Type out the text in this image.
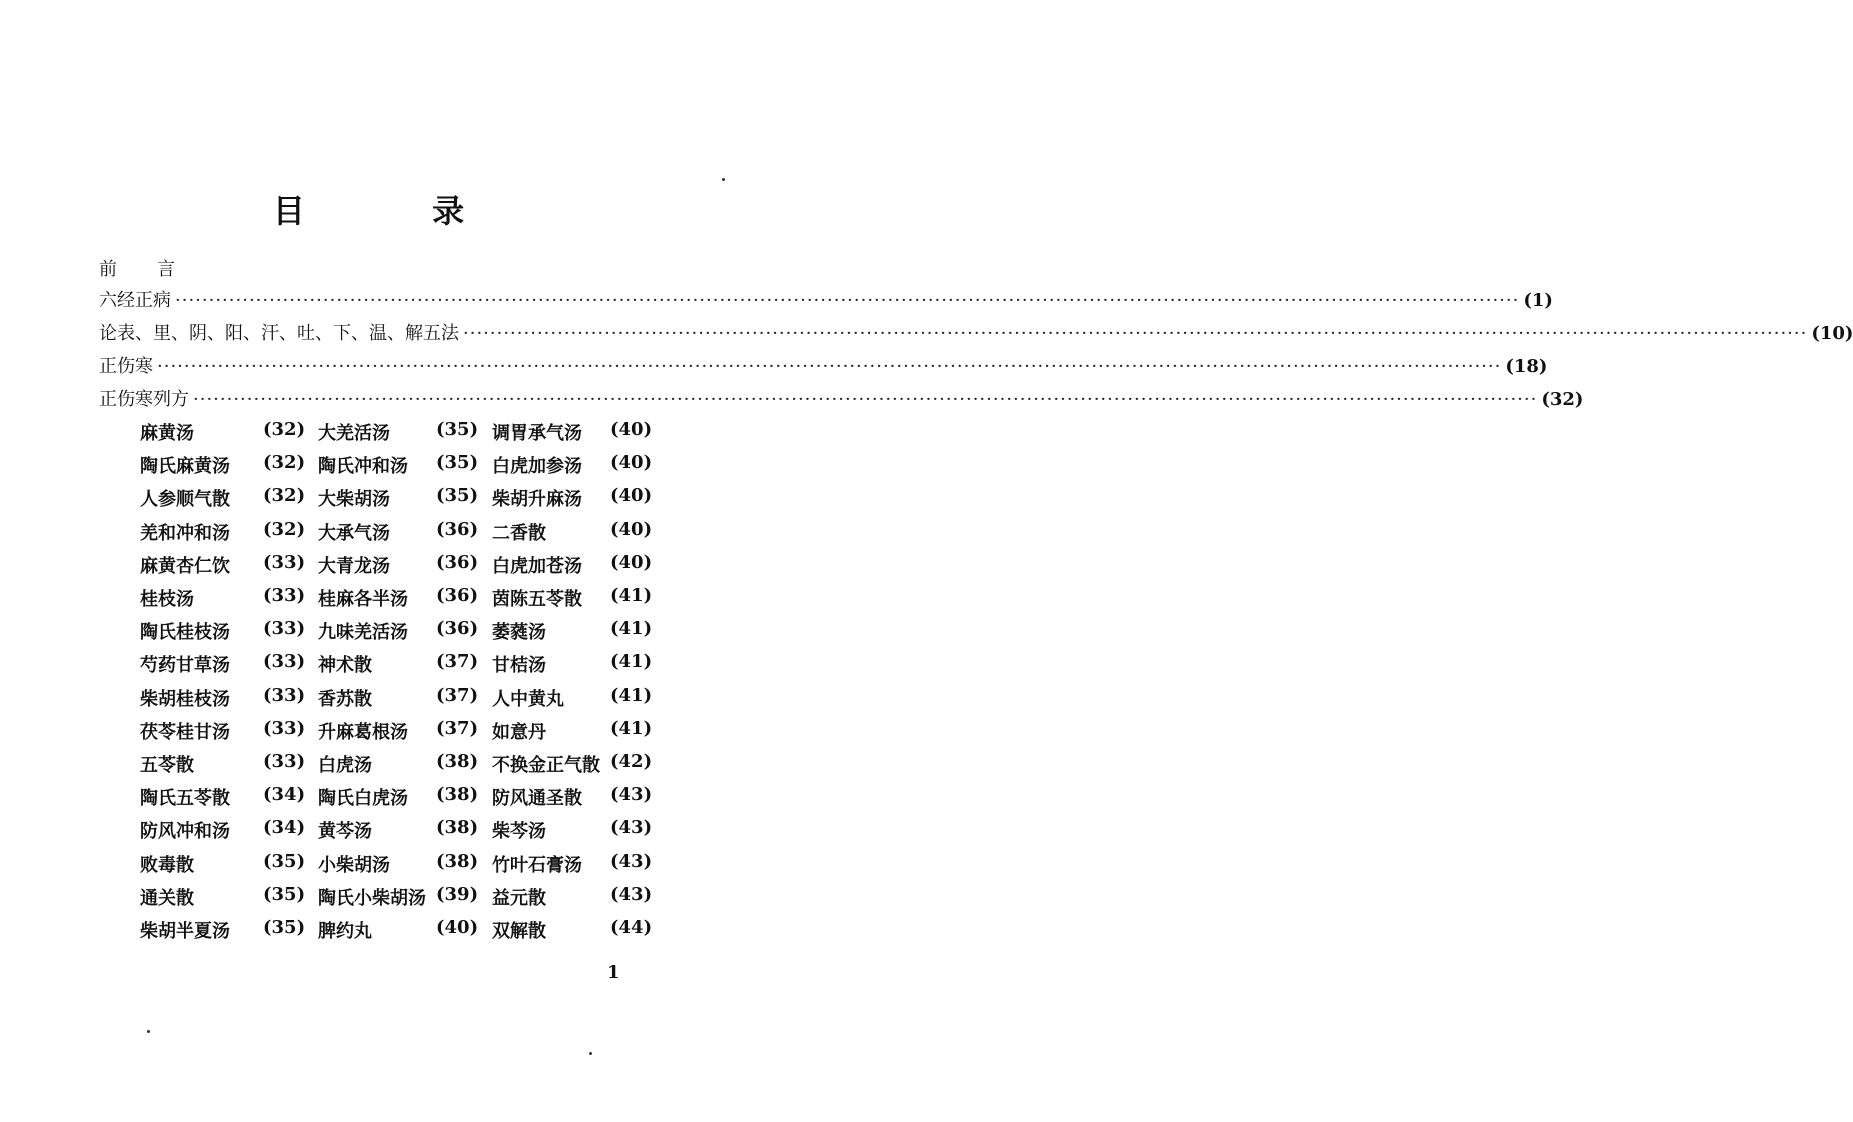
目 录
前言
六经正病 ········································································································································································································ (1)
论表、里、阴、阳、汗、吐、下、温、解五法 ········································································································································································································ (10)
正伤寒 ········································································································································································································ (18)
正伤寒列方 ········································································································································································································ (32)
麻黄汤	(32) 大羌活汤	(35) 调胃承气汤 (40)
陶氏麻黄汤 (32) 陶氏冲和汤 (35) 白虎加参汤 (40)
人参顺气散 (32) 大柴胡汤	(35) 柴胡升麻汤 (40)
羌和冲和汤 (32) 大承气汤	(36) 二香散	(40)
麻黄杏仁饮 (33) 大青龙汤	(36) 白虎加苍汤 (40)
桂枝汤	(33) 桂麻各半汤 (36) 茵陈五苓散 (41)
陶氏桂枝汤 (33) 九味羌活汤 (36) 萎蕤汤	(41)
芍药甘草汤 (33) 神术散	(37) 甘桔汤	(41)
柴胡桂枝汤 (33) 香苏散	(37) 人中黄丸	(41)
茯苓桂甘汤 (33) 升麻葛根汤 (37) 如意丹	(41)
五苓散	(33) 白虎汤	(38) 不换金正气散 (42)
陶氏五苓散 (34) 陶氏白虎汤 (38) 防风通圣散 (43)
防风冲和汤 (34) 黄芩汤	(38) 柴芩汤	(43)
败毒散	(35) 小柴胡汤	(38) 竹叶石膏汤 (43)
通关散	(35) 陶氏小柴胡汤 (39) 益元散	(43)
柴胡半夏汤 (35) 脾约丸	(40) 双解散	(44)
1
